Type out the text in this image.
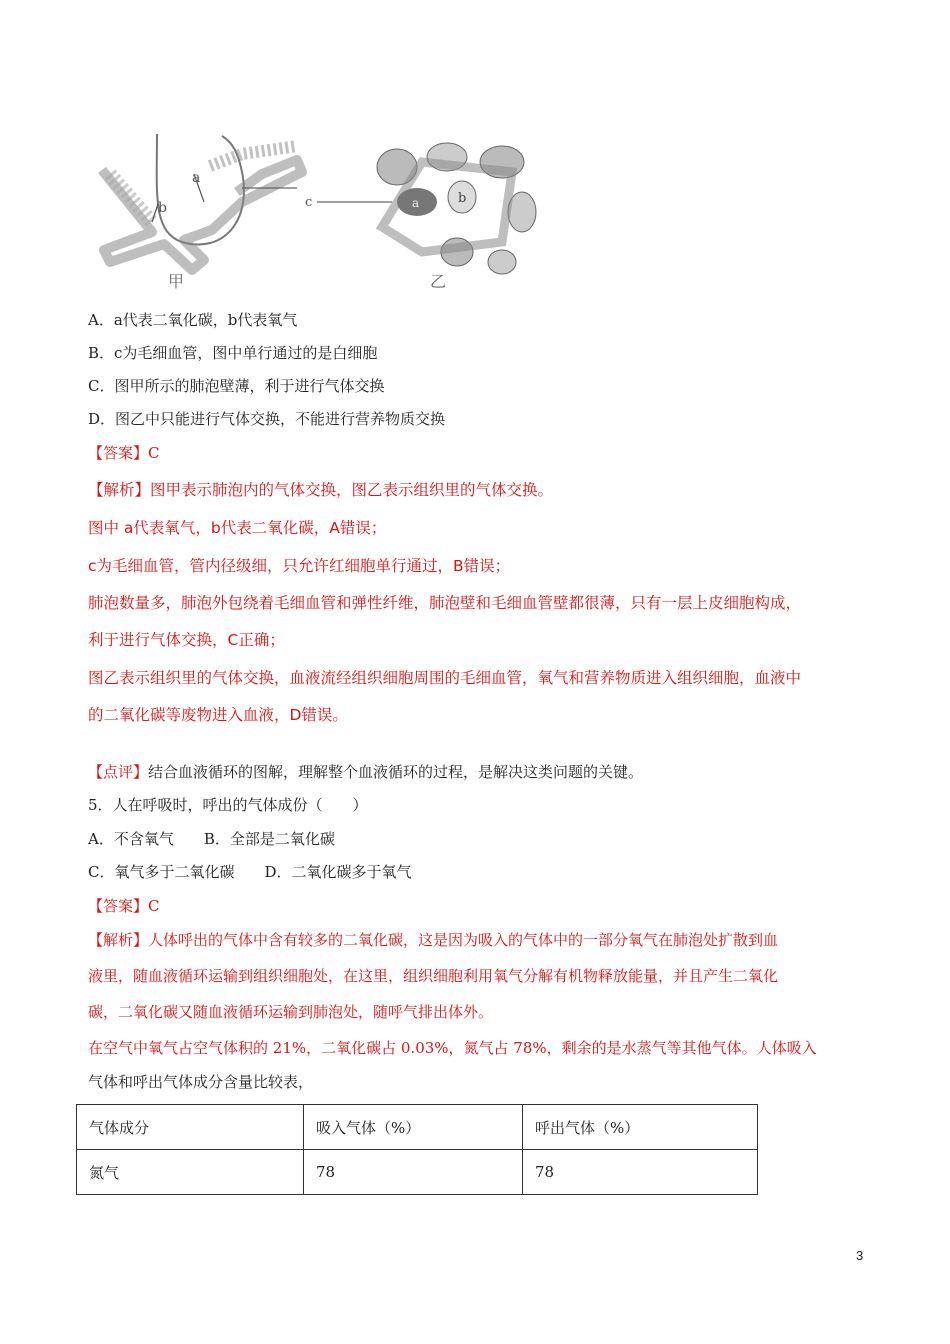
a
b
甲
c	a	b
乙
A．a代表二氧化碳，b代表氧气
B．c为毛细血管，图中单行通过的是白细胞
C．图甲所示的肺泡壁薄，利于进行气体交换
D．图乙中只能进行气体交换，不能进行营养物质交换
【答案】C
【解析】图甲表示肺泡内的气体交换，图乙表示组织里的气体交换。
图中 a代表氧气，b代表二氧化碳，A错误；
c为毛细血管，管内径级细，只允许红细胞单行通过，B错误；
肺泡数量多，肺泡外包绕着毛细血管和弹性纤维，肺泡壁和毛细血管壁都很薄，只有一层上皮细胞构成，
利于进行气体交换，C正确；
图乙表示组织里的气体交换，血液流经组织细胞周围的毛细血管，氧气和营养物质进入组织细胞，血液中
的二氧化碳等废物进入血液，D错误。
【点评】结合血液循环的图解，理解整个血液循环的过程，是解决这类问题的关键。
5．人在呼吸时，呼出的气体成份（　　）
A．不含氧气　　B．全部是二氧化碳
C．氧气多于二氧化碳　　D．二氧化碳多于氧气
【答案】C
【解析】人体呼出的气体中含有较多的二氧化碳，这是因为吸入的气体中的一部分氧气在肺泡处扩散到血
液里，随血液循环运输到组织细胞处，在这里，组织细胞利用氧气分解有机物释放能量，并且产生二氧化
碳，二氧化碳又随血液循环运输到肺泡处，随呼气排出体外。
在空气中氧气占空气体积的 21%，二氧化碳占 0.03%，氮气占 78%，剩余的是水蒸气等其他气体。人体吸入
气体和呼出气体成分含量比较表，
气体成分	吸入气体（%）	呼出气体（%）
氮气	78	78
3
